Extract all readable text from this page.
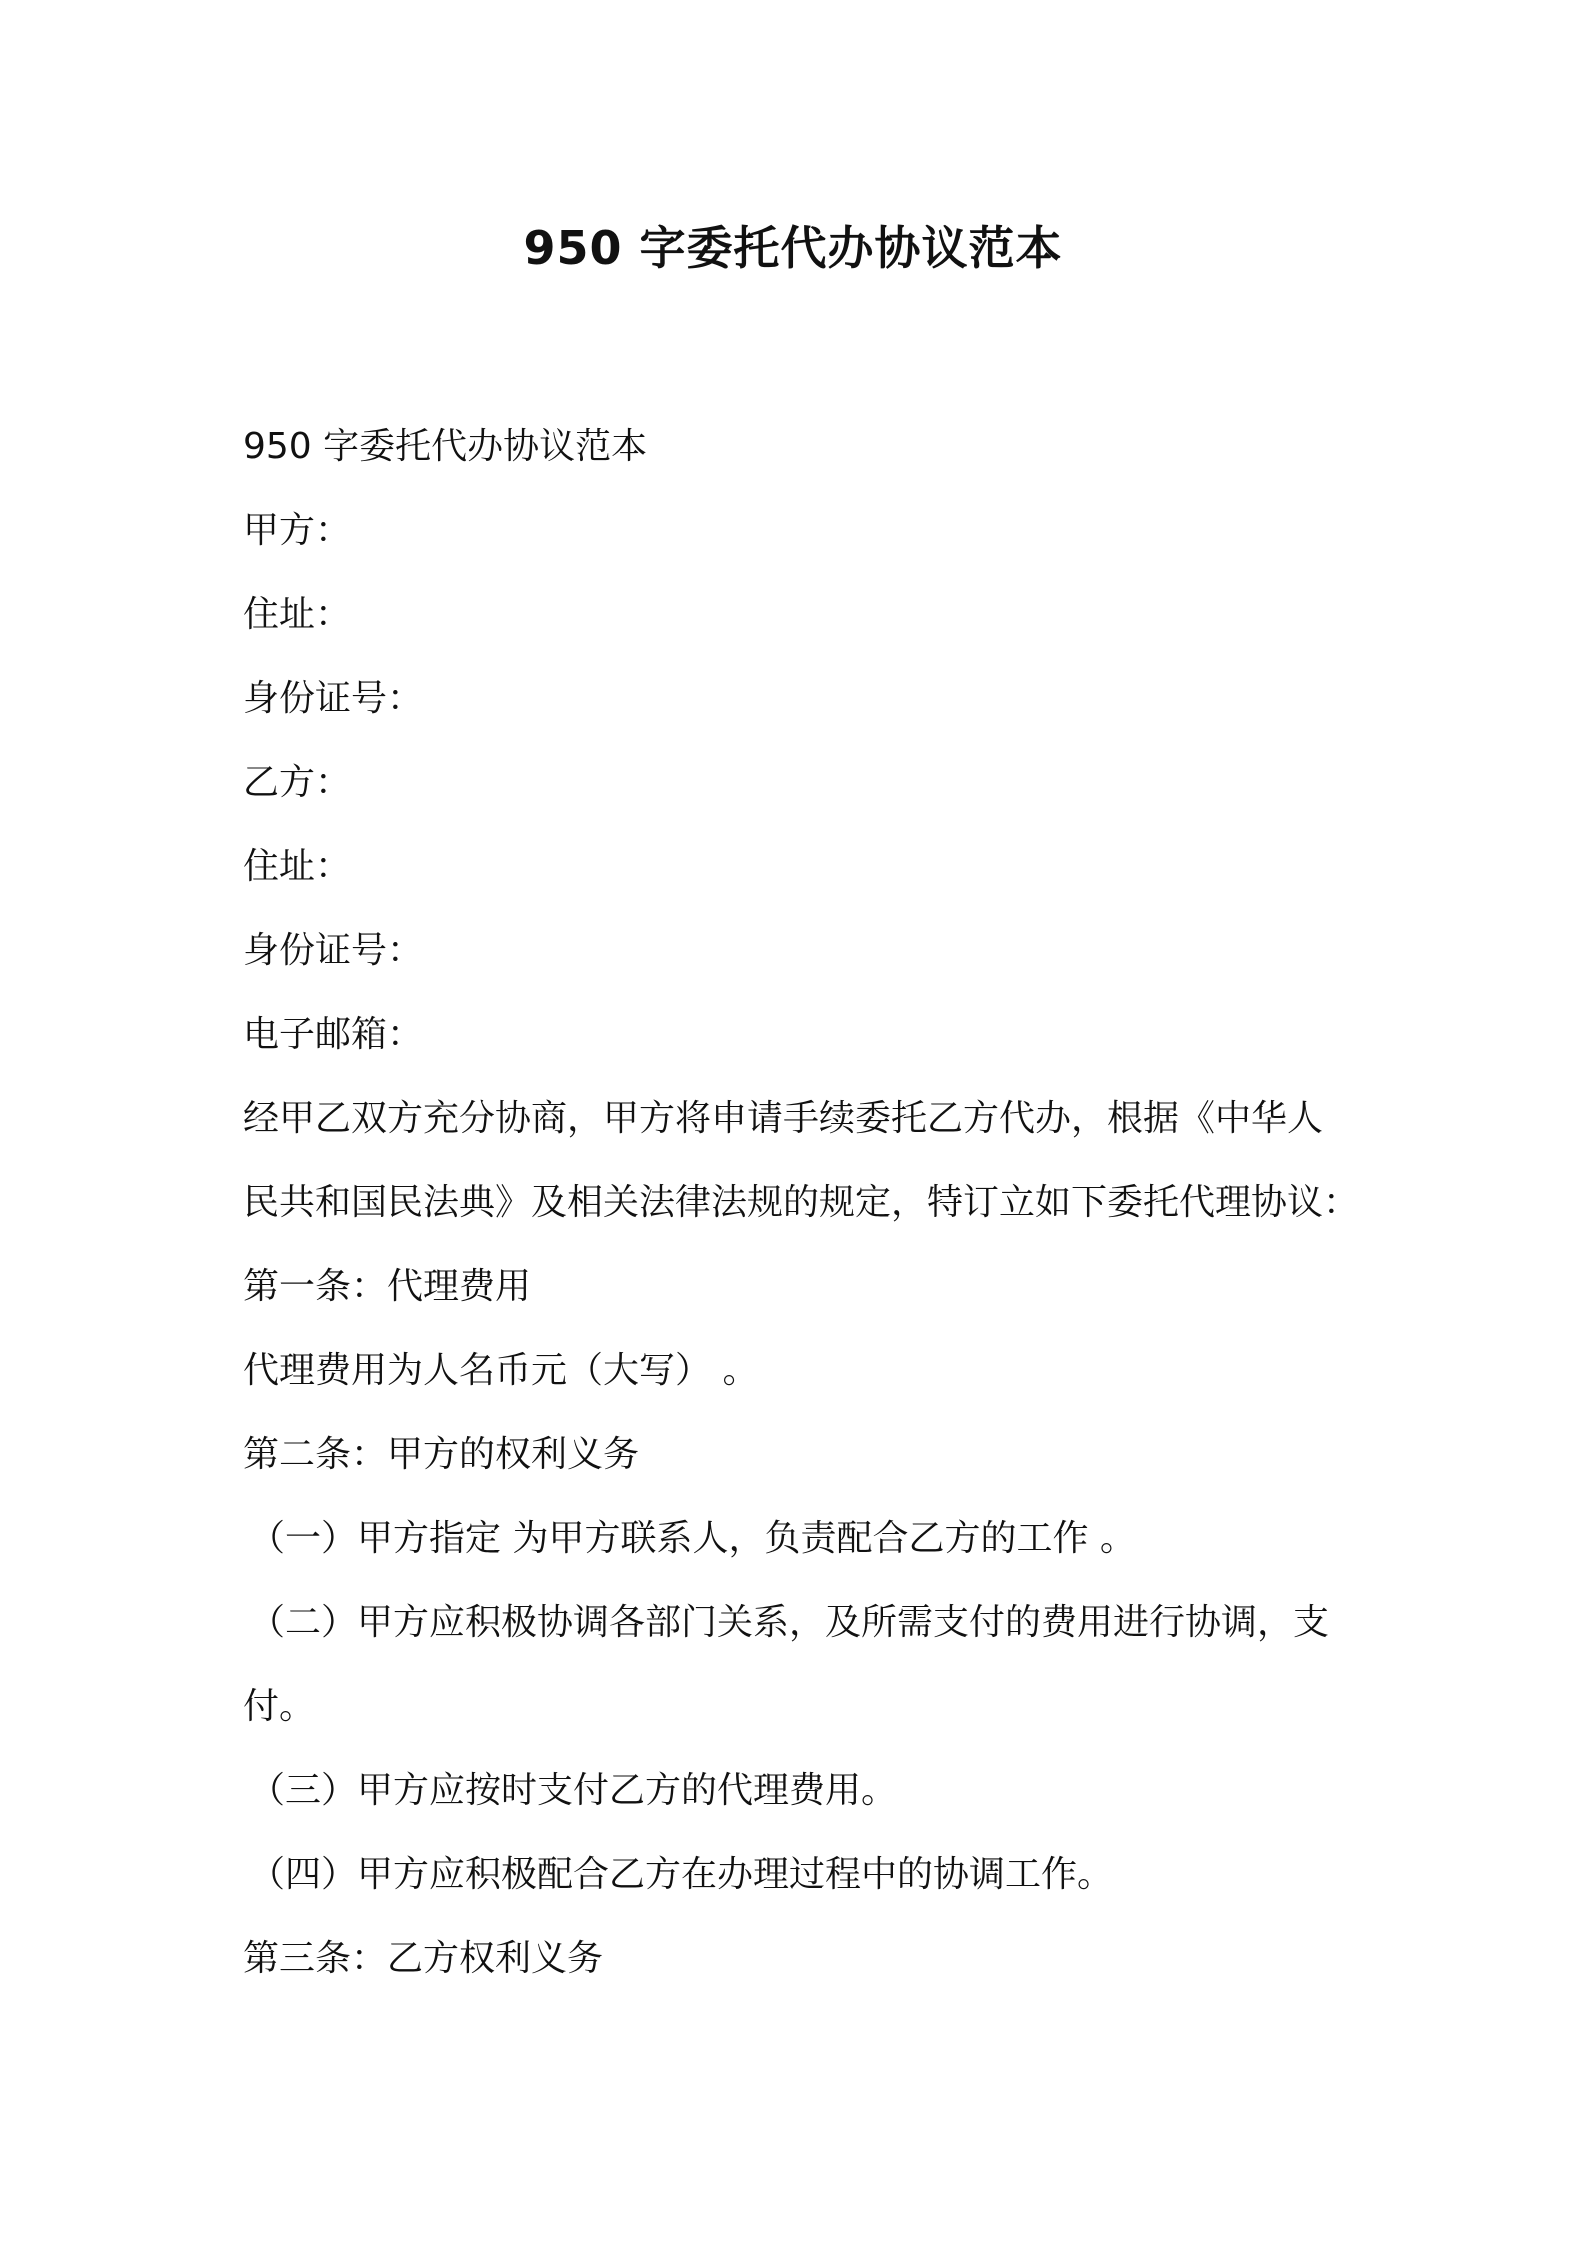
950 字委托代办协议范本

950 字委托代办协议范本

甲方：

住址：

身份证号：

乙方：

住址：

身份证号：

电子邮箱：

经甲乙双方充分协商，甲方将申请手续委托乙方代办，根据《中华人

民共和国民法典》及相关法律法规的规定，特订立如下委托代理协议：

第一条：代理费用

代理费用为人名币元（大写） 。

第二条：甲方的权利义务

（一）甲方指定 为甲方联系人，负责配合乙方的工作 。

（二）甲方应积极协调各部门关系，及所需支付的费用进行协调，支

付。

（三）甲方应按时支付乙方的代理费用。

（四）甲方应积极配合乙方在办理过程中的协调工作。

第三条：乙方权利义务
